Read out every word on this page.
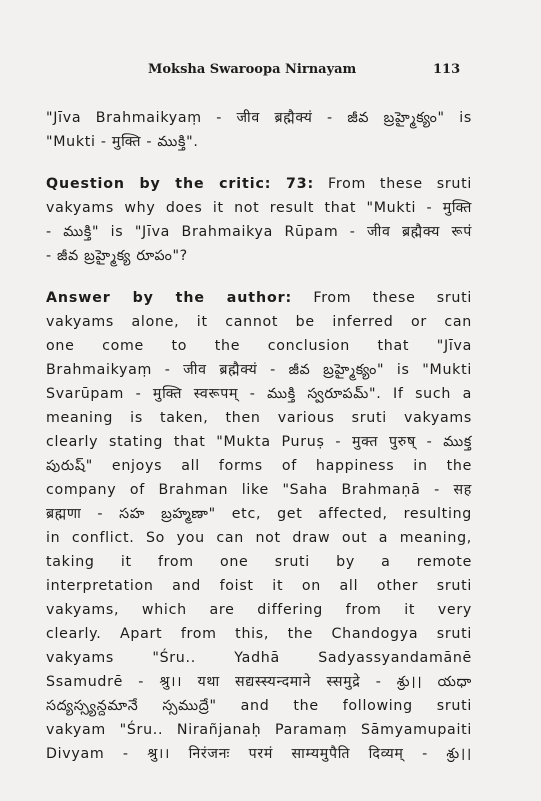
Moksha Swaroopa Nirnayam	113
"Jīva Brahmaikyaṃ - जीव ब्रह्मैक्यं - జీవ బ్రహ్మైక్యం" is
"Mukti - मुक्ति - ముక్తి".
Question by the critic: 73: From these sruti
vakyams why does it not result that "Mukti - मुक्ति
- ముక్తి" is "Jīva Brahmaikya Rūpam - जीव ब्रह्मैक्य रूपं
- జీవ బ్రహ్మైక్య రూపం"?
Answer by the author: From these sruti
vakyams alone, it cannot be inferred or can
one come to the conclusion that "Jīva
Brahmaikyaṃ - जीव ब्रह्मैक्यं - జీవ బ్రహ్మైక్యం" is "Mukti
Svarūpam - मुक्ति स्वरूपम् - ముక్తి స్వరూపమ్". If such a
meaning is taken, then various sruti vakyams
clearly stating that "Mukta Puruṣ - मुक्त पुरुष् - ముక్త
పురుష్" enjoys all forms of happiness in the
company of Brahman like "Saha Brahmaṇā - सह
ब्रह्मणा - సహ బ్రహ్మణా" etc, get affected, resulting
in conflict. So you can not draw out a meaning,
taking it from one sruti by a remote
interpretation and foist it on all other sruti
vakyams, which are differing from it very
clearly. Apart from this, the Chandogya sruti
vakyams "Śru.. Yadhā Sadyassyandamānē
Ssamudrē - श्रु।। यथा सद्यस्स्यन्दमाने स्समुद्रे - శ్రు।। యధా
సద్యస్స్యన్దమానే స్సముద్రే" and the following sruti
vakyam "Śru.. Nirañjanaḥ Paramaṃ Sāmyamupaiti
Divyam - श्रु।। निरंजनः परमं साम्यमुपैति दिव्यम् - శ్రు।।
